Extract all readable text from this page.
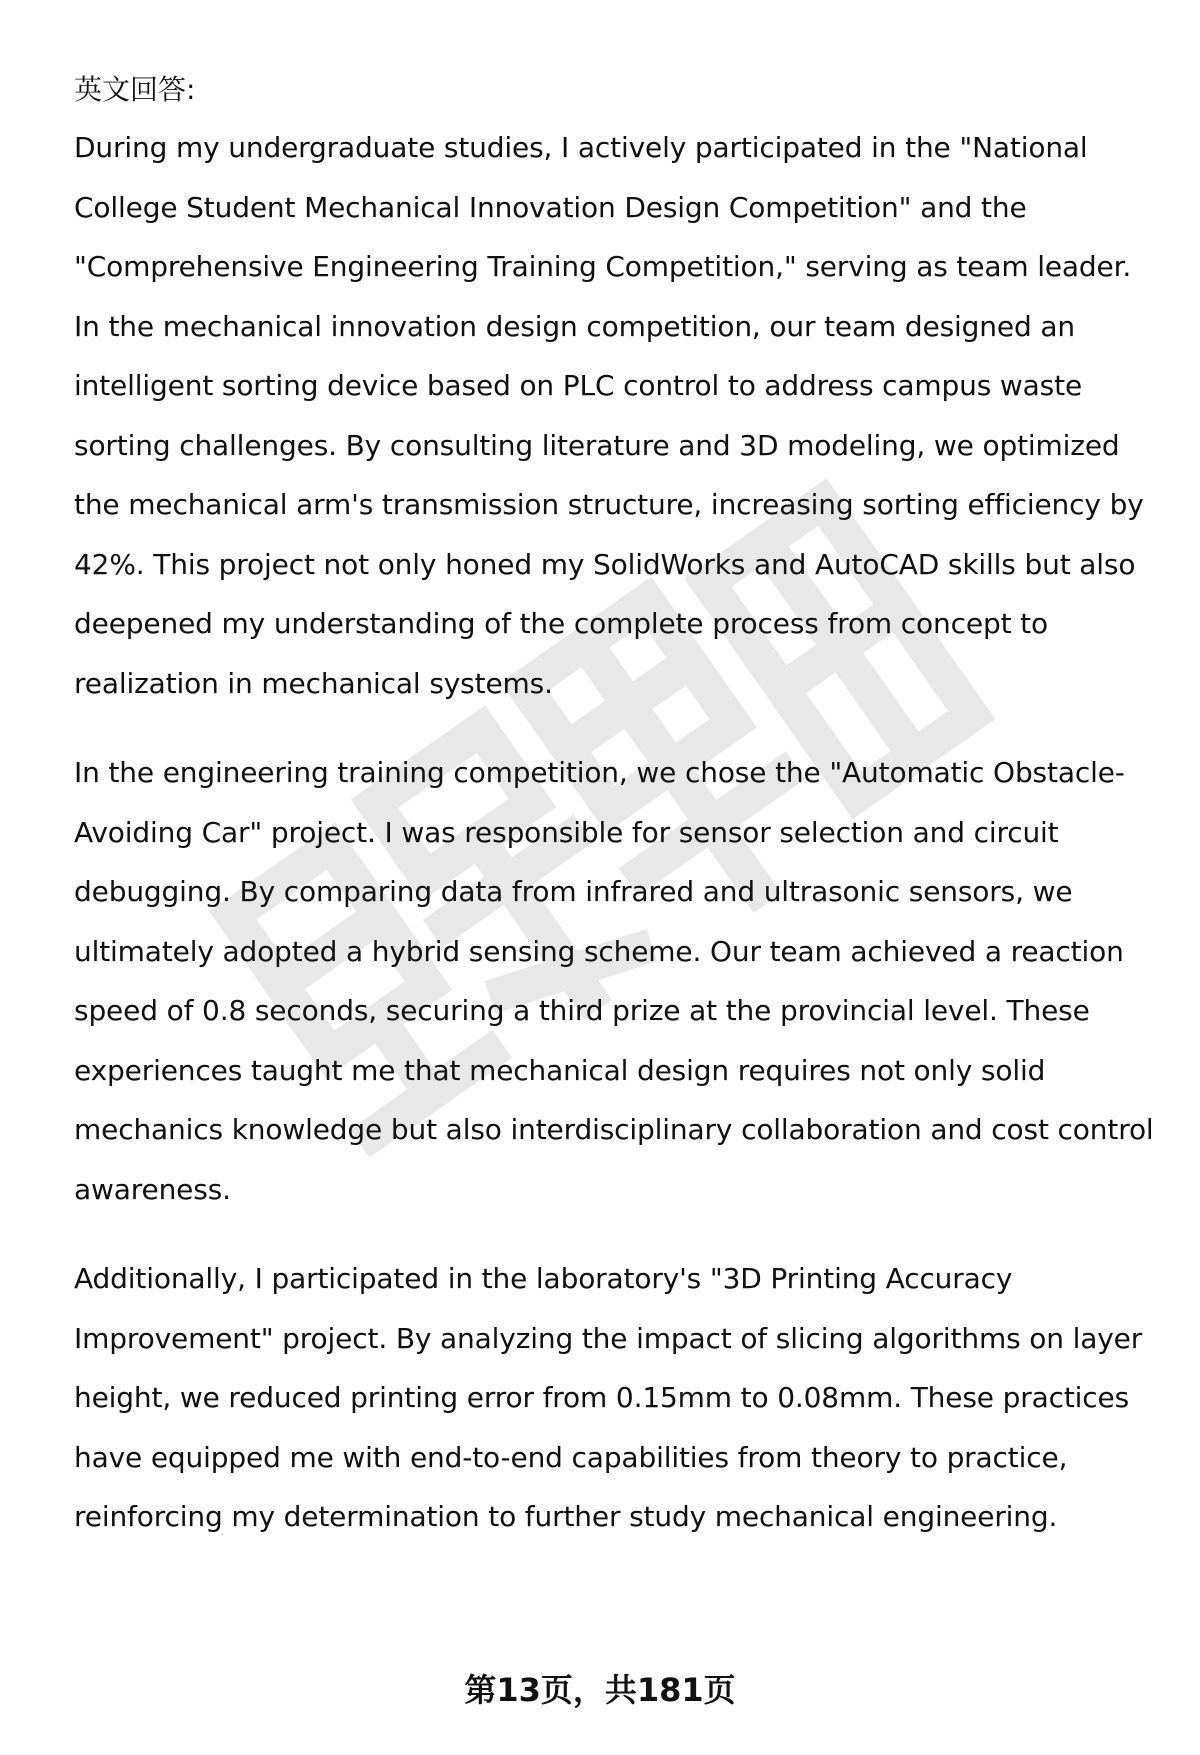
英文回答:

During my undergraduate studies, I actively participated in the "National College Student Mechanical Innovation Design Competition" and the "Comprehensive Engineering Training Competition," serving as team leader. In the mechanical innovation design competition, our team designed an intelligent sorting device based on PLC control to address campus waste sorting challenges. By consulting literature and 3D modeling, we optimized the mechanical arm's transmission structure, increasing sorting efficiency by 42%. This project not only honed my SolidWorks and AutoCAD skills but also deepened my understanding of the complete process from concept to realization in mechanical systems.

In the engineering training competition, we chose the "Automatic Obstacle-Avoiding Car" project. I was responsible for sensor selection and circuit debugging. By comparing data from infrared and ultrasonic sensors, we ultimately adopted a hybrid sensing scheme. Our team achieved a reaction speed of 0.8 seconds, securing a third prize at the provincial level. These experiences taught me that mechanical design requires not only solid mechanics knowledge but also interdisciplinary collaboration and cost control awareness.

Additionally, I participated in the laboratory's "3D Printing Accuracy Improvement" project. By analyzing the impact of slicing algorithms on layer height, we reduced printing error from 0.15mm to 0.08mm. These practices have equipped me with end-to-end capabilities from theory to practice, reinforcing my determination to further study mechanical engineering.

第13页，共181页
